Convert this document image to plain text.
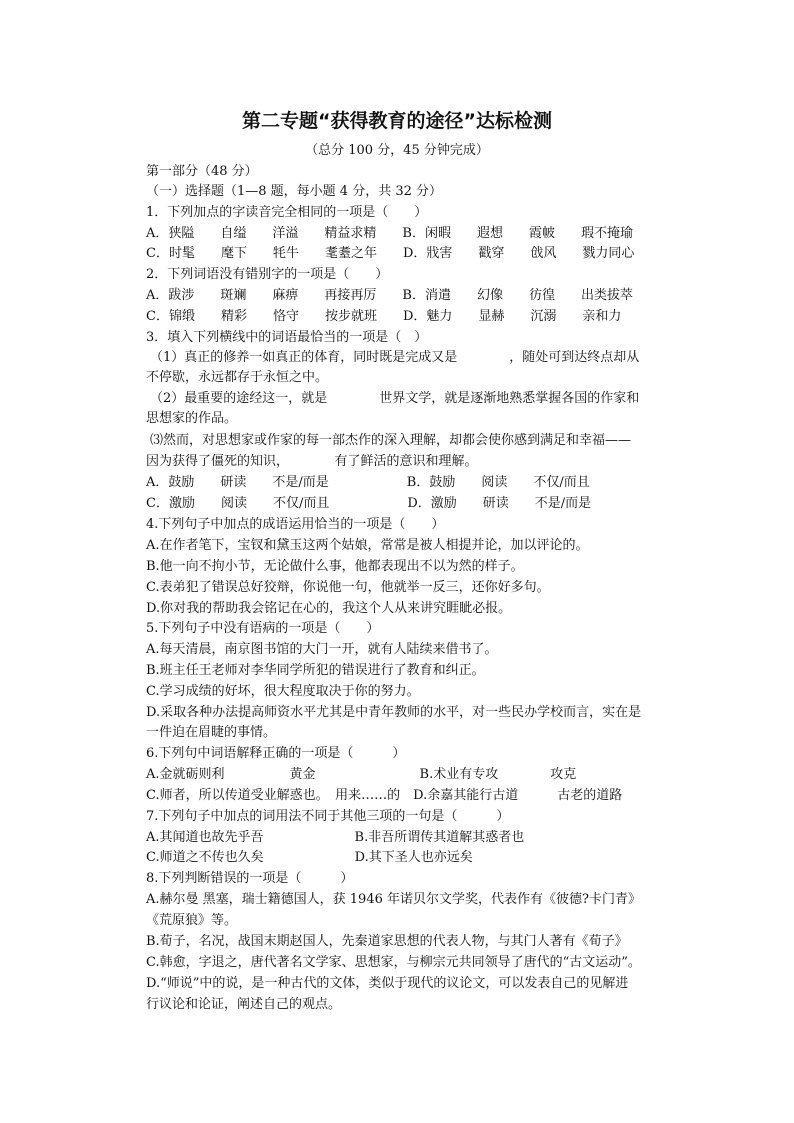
第二专题“获得教育的途径”达标检测
（总分 100 分，45 分钟完成）
第一部分（48 分）
（一）选择题（1—8 题，每小题 4 分，共 32 分）
1．下列加点的字读音完全相同的一项是（　　）
A．狭隘　　自缢　　洋溢　　精益求精　　B．闲暇　　遐想　　霞帔　　瑕不掩瑜
C．时髦　　麾下　　牦牛　　耄耋之年　　D．戕害　　戳穿　　戗风　　戮力同心
2．下列词语没有错别字的一项是（　　）
A．跋涉　　斑斓　　麻痹　　再接再厉　　B．消遣　　幻像　　彷徨　　出类拔萃
C．锦缎　　精彩　　恪守　　按步就班　　D．魅力　　显赫　　沉溺　　亲和力
3．填入下列横线中的词语最恰当的一项是（　）
（1）真正的修养一如真正的体育，同时既是完成又是　　　　，随处可到达终点却从
不停歇，永远都存于永恒之中。
（2）最重要的途经这一，就是　　　　世界文学，就是逐渐地熟悉掌握各国的作家和
思想家的作品。
⑶然而，对思想家或作家的每一部杰作的深入理解，却都会使你感到满足和幸福——
因为获得了僵死的知识，　　　　有了鲜活的意识和理解。
A．鼓励　　研读　　不是/而是　　　　　　B．鼓励　　阅读　　不仅/而且
C．激励　　阅读　　不仅/而且　　　　　　D．激励　　研读　　不是/而是
4.下列句子中加点的成语运用恰当的一项是（　　）
A.在作者笔下，宝钗和黛玉这两个姑娘，常常是被人相提并论，加以评论的。
B.他一向不拘小节，无论做什么事，他都表现出不以为然的样子。
C.表弟犯了错误总好狡辩，你说他一句，他就举一反三，还你好多句。
D.你对我的帮助我会铭记在心的，我这个人从来讲究睚眦必报。
5.下列句子中没有语病的一项是（　　）
A.每天清晨，南京图书馆的大门一开，就有人陆续来借书了。
B.班主任王老师对李华同学所犯的错误进行了教育和纠正。
C.学习成绩的好坏，很大程度取决于你的努力。
D.采取各种办法提高师资水平尤其是中青年教师的水平，对一些民办学校而言，实在是
一件迫在眉睫的事情。
6.下列句中词语解释正确的一项是（　　　）
A.金就砺则利　　　　　黄金　　　　　　　　B.术业有专攻　　　　攻克
C.师者，所以传道受业解惑也。　用来……的　D.余嘉其能行古道　　　古老的道路
7.下列句子中加点的词用法不同于其他三项的一句是（　　　）
A.其闻道也故先乎吾　　　　　　　B.非吾所谓传其道解其惑者也
C.师道之不传也久矣　　　　　　　D.其下圣人也亦远矣
8.下列判断错误的一项是（　　　）
A.赫尔曼 黑塞，瑞士籍德国人，获 1946 年诺贝尔文学奖，代表作有《彼德?卡门青》
《荒原狼》等。
B.荀子，名况，战国末期赵国人，先秦道家思想的代表人物，与其门人著有《荀子》
C.韩愈，字退之，唐代著名文学家、思想家，与柳宗元共同领导了唐代的“古文运动”。
D.“师说”中的说，是一种古代的文体，类似于现代的议论文，可以发表自己的见解进
行议论和论证，阐述自己的观点。
